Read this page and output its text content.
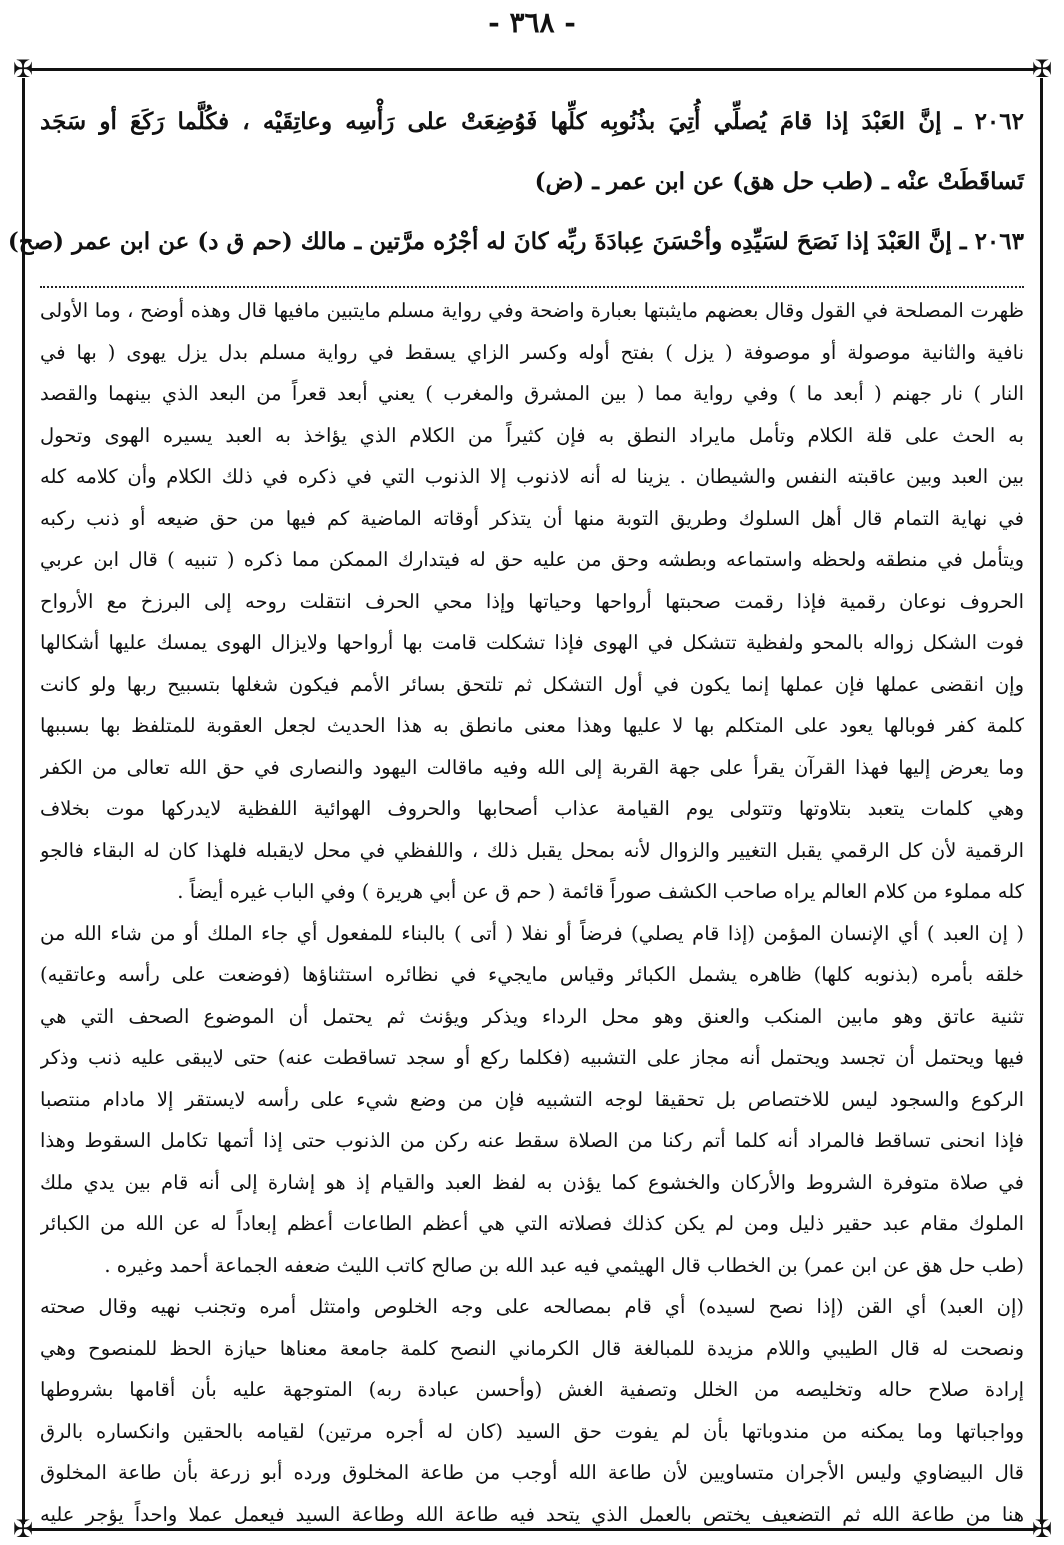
- ٣٦٨ -
✠	✠
✠	✠
٢٠٦٢ ـ إنَّ العَبْدَ إذا قامَ يُصلِّي أُتِيَ بذُنُوبِه كلِّها فَوُضِعَتْ على رَأْسِه وعاتِقَيْه ، فكُلَّما رَكَعَ أو سَجَد
تَساقَطَتْ عنْه ـ (طب حل هق) عن ابن عمر ـ (ض)
٢٠٦٣ ـ إنَّ العَبْدَ إذا نَصَحَ لسَيِّدِه وأحْسَنَ عِبادَةَ ربِّه كانَ له أجْرُه مرَّتين ـ مالك (حم ق د) عن ابن عمر (صح)
ظهرت المصلحة في القول وقال بعضهم مايثبتها بعبارة واضحة وفي رواية مسلم مايتبين مافيها قال وهذه أوضح ، وما الأولى
نافية والثانية موصولة أو موصوفة ( يزل ) بفتح أوله وكسر الزاي يسقط في رواية مسلم بدل يزل يهوى ( بها في
النار ) نار جهنم ( أبعد ما ) وفي رواية مما ( بين المشرق والمغرب ) يعني أبعد قعراً من البعد الذي بينهما والقصد
به الحث على قلة الكلام وتأمل مايراد النطق به فإن كثيراً من الكلام الذي يؤاخذ به العبد يسيره الهوى وتحول
بين العبد وبين عاقبته النفس والشيطان . يزينا له أنه لاذنوب إلا الذنوب التي في ذكره في ذلك الكلام وأن كلامه كله
في نهاية التمام قال أهل السلوك وطريق التوبة منها أن يتذكر أوقاته الماضية كم فيها من حق ضيعه أو ذنب ركبه
ويتأمل في منطقه ولحظه واستماعه وبطشه وحق من عليه حق له فيتدارك الممكن مما ذكره ( تنبيه ) قال ابن عربي
الحروف نوعان رقمية فإذا رقمت صحبتها أرواحها وحياتها وإذا محي الحرف انتقلت روحه إلى البرزخ مع الأرواح
فوت الشكل زواله بالمحو ولفظية تتشكل في الهوى فإذا تشكلت قامت بها أرواحها ولايزال الهوى يمسك عليها أشكالها
وإن انقضى عملها فإن عملها إنما يكون في أول التشكل ثم تلتحق بسائر الأمم فيكون شغلها بتسبيح ربها ولو كانت
كلمة كفر فوبالها يعود على المتكلم بها لا عليها وهذا معنى مانطق به هذا الحديث لجعل العقوبة للمتلفظ بها بسببها
وما يعرض إليها فهذا القرآن يقرأ على جهة القربة إلى الله وفيه ماقالت اليهود والنصارى في حق الله تعالى من الكفر
وهي كلمات يتعبد بتلاوتها وتتولى يوم القيامة عذاب أصحابها والحروف الهوائية اللفظية لايدركها موت بخلاف
الرقمية لأن كل الرقمي يقبل التغيير والزوال لأنه بمحل يقبل ذلك ، واللفظي في محل لايقبله فلهذا كان له البقاء فالجو
كله مملوء من كلام العالم يراه صاحب الكشف صوراً قائمة ( حم ق عن أبي هريرة ) وفي الباب غيره أيضاً .
( إن العبد ) أي الإنسان المؤمن (إذا قام يصلي) فرضاً أو نفلا ( أتى ) بالبناء للمفعول أي جاء الملك أو من شاء الله من
خلقه بأمره (بذنوبه كلها) ظاهره يشمل الكبائر وقياس مايجيء في نظائره استثناؤها (فوضعت على رأسه وعاتقيه)
تثنية عاتق وهو مابين المنكب والعنق وهو محل الرداء ويذكر ويؤنث ثم يحتمل أن الموضوع الصحف التي هي
فيها ويحتمل أن تجسد ويحتمل أنه مجاز على التشبيه (فكلما ركع أو سجد تساقطت عنه) حتى لايبقى عليه ذنب وذكر
الركوع والسجود ليس للاختصاص بل تحقيقا لوجه التشبيه فإن من وضع شيء على رأسه لايستقر إلا مادام منتصبا
فإذا انحنى تساقط فالمراد أنه كلما أتم ركنا من الصلاة سقط عنه ركن من الذنوب حتى إذا أتمها تكامل السقوط وهذا
في صلاة متوفرة الشروط والأركان والخشوع كما يؤذن به لفظ العبد والقيام إذ هو إشارة إلى أنه قام بين يدي ملك
الملوك مقام عبد حقير ذليل ومن لم يكن كذلك فصلاته التي هي أعظم الطاعات أعظم إبعاداً له عن الله من الكبائر
(طب حل هق عن ابن عمر) بن الخطاب قال الهيثمي فيه عبد الله بن صالح كاتب الليث ضعفه الجماعة أحمد وغيره .
(إن العبد) أي القن (إذا نصح لسيده) أي قام بمصالحه على وجه الخلوص وامتثل أمره وتجنب نهيه وقال صحته
ونصحت له قال الطيبي واللام مزيدة للمبالغة قال الكرماني النصح كلمة جامعة معناها حيازة الحظ للمنصوح وهي
إرادة صلاح حاله وتخليصه من الخلل وتصفية الغش (وأحسن عبادة ربه) المتوجهة عليه بأن أقامها بشروطها
وواجباتها وما يمكنه من مندوباتها بأن لم يفوت حق السيد (كان له أجره مرتين) لقيامه بالحقين وانكساره بالرق
قال البيضاوي وليس الأجران متساويين لأن طاعة الله أوجب من طاعة المخلوق ورده أبو زرعة بأن طاعة المخلوق
هنا من طاعة الله ثم التضعيف يختص بالعمل الذي يتحد فيه طاعة الله وطاعة السيد فيعمل عملا واحداً يؤجر عليه
